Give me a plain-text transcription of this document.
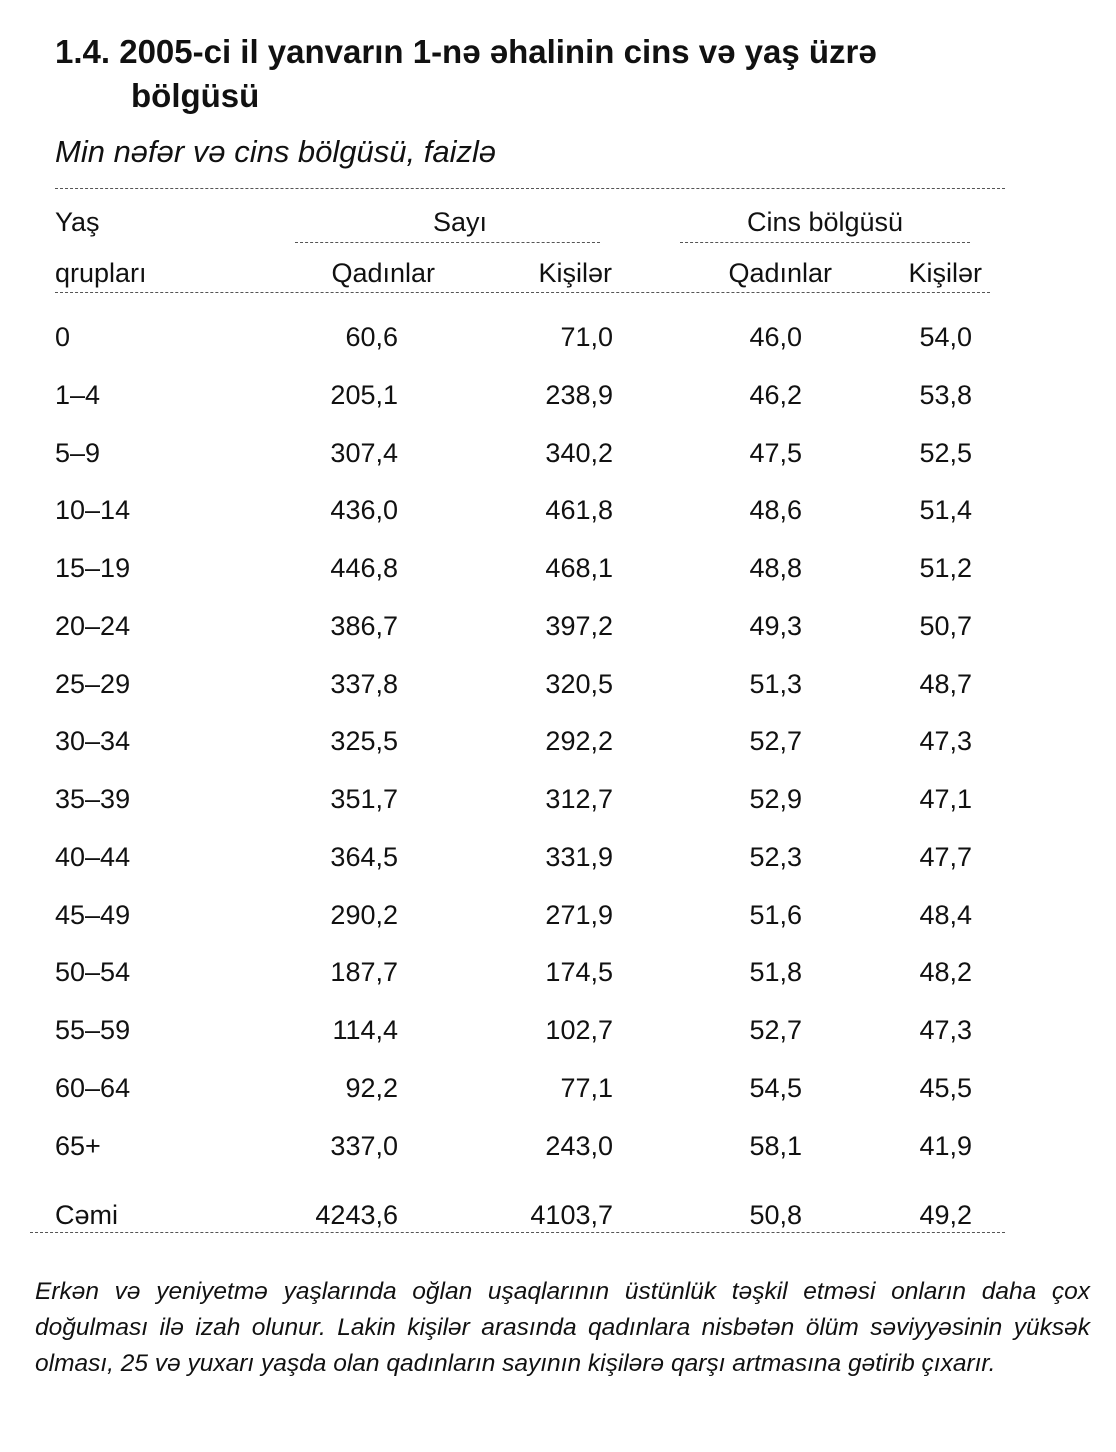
1.4. 2005-ci il yanvarın 1-nə əhalinin cins və yaş üzrə
bölgüsü
Min nəfər və cins bölgüsü, faizlə
Yaş	Sayı	Cins bölgüsü
qrupları	Qadınlar	Kişilər	Qadınlar	Kişilər
0	60,6	71,0	46,0	54,0
1–4	205,1	238,9	46,2	53,8
5–9	307,4	340,2	47,5	52,5
10–14	436,0	461,8	48,6	51,4
15–19	446,8	468,1	48,8	51,2
20–24	386,7	397,2	49,3	50,7
25–29	337,8	320,5	51,3	48,7
30–34	325,5	292,2	52,7	47,3
35–39	351,7	312,7	52,9	47,1
40–44	364,5	331,9	52,3	47,7
45–49	290,2	271,9	51,6	48,4
50–54	187,7	174,5	51,8	48,2
55–59	114,4	102,7	52,7	47,3
60–64	92,2	77,1	54,5	45,5
65+	337,0	243,0	58,1	41,9
Cəmi	4243,6	4103,7	50,8	49,2
Erkən və yeniyetmə yaşlarında oğlan uşaqlarının üstünlük təşkil etməsi onların daha çox doğulması ilə izah olunur. Lakin kişilər arasında qadınlara nisbətən ölüm səviyyəsinin yüksək olması, 25 və yuxarı yaşda olan qadınların sayının kişilərə qarşı artmasına gətirib çıxarır.
